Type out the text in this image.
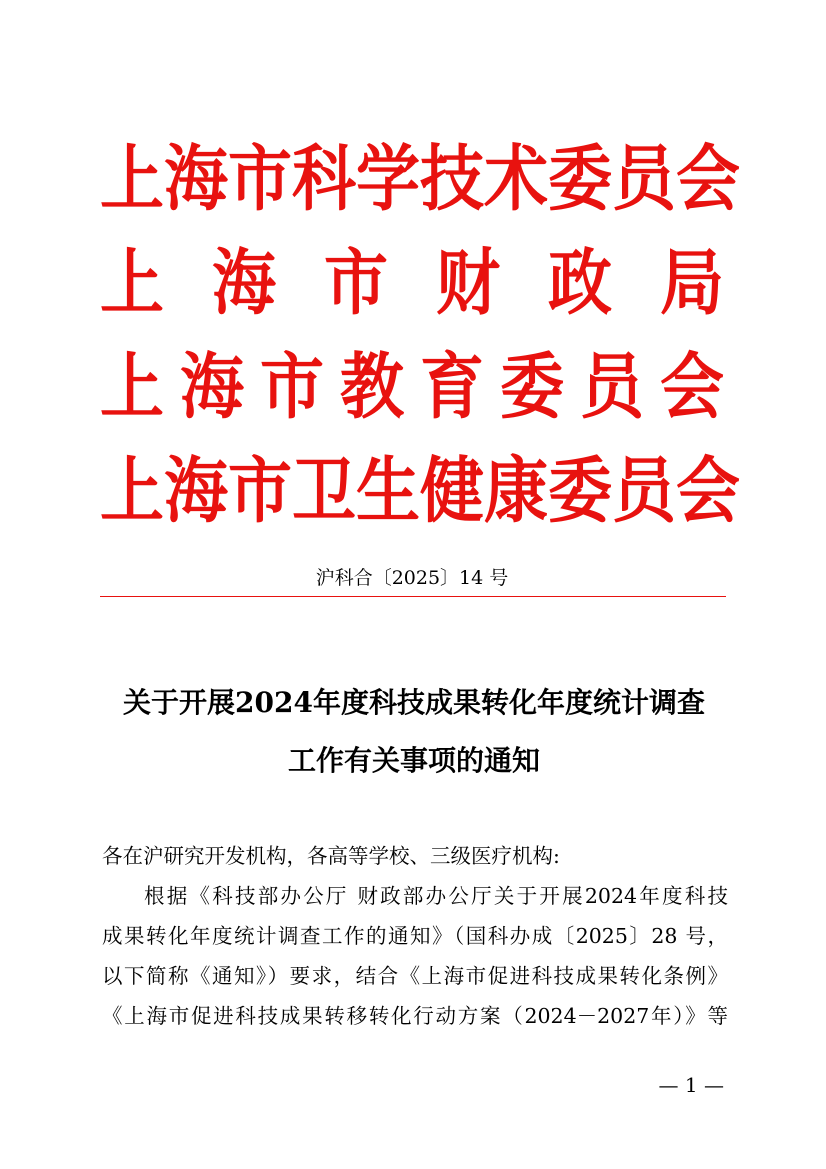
上 海 市 科 学 技 术 委 员 会
上 海 市 财 政 局
上 海 市 教 育 委 员 会
上 海 市 卫 生 健 康 委 员 会
沪科合〔2025〕14 号
关于开展2024年度科技成果转化年度统计调查
工作有关事项的通知
各在沪研究开发机构，各高等学校、三级医疗机构:
根据《科技部办公厅 财政部办公厅关于开展2024年度科技
成果转化年度统计调查工作的通知》（国科办成〔2025〕28 号，
以下简称《通知》）要求，结合《上海市促进科技成果转化条例》
《上海市促进科技成果转移转化行动方案（2024－2027年）》等
— 1 —
